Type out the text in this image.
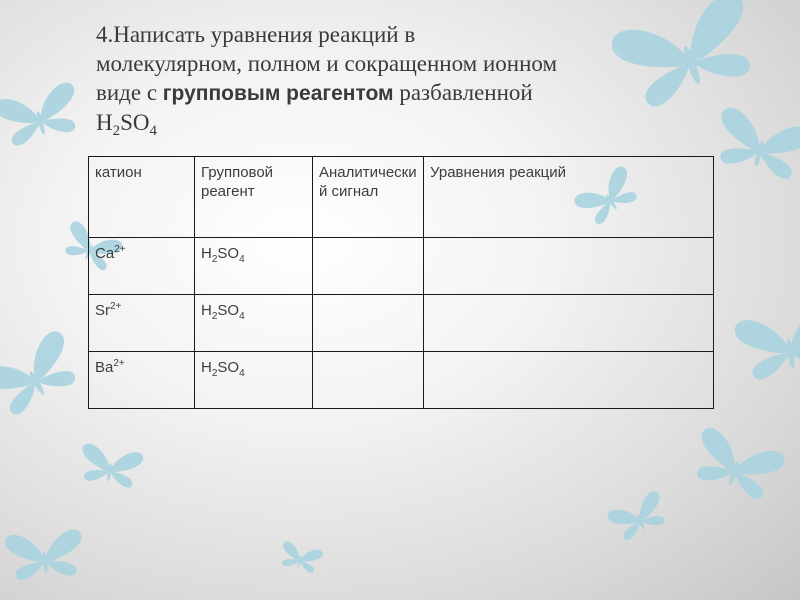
4.Написать уравнения реакций в
молекулярном, полном и сокращенном ионном
виде с групповым реагентом разбавленной
$H_2SO_4$
катион	Групповой реагент	Аналитический сигнал	Уравнения реакций
$Ca^{2+}$	$H_2SO_4$		
$Sr^{2+}$	$H_2SO_4$		
$Ba^{2+}$	$H_2SO_4$		
